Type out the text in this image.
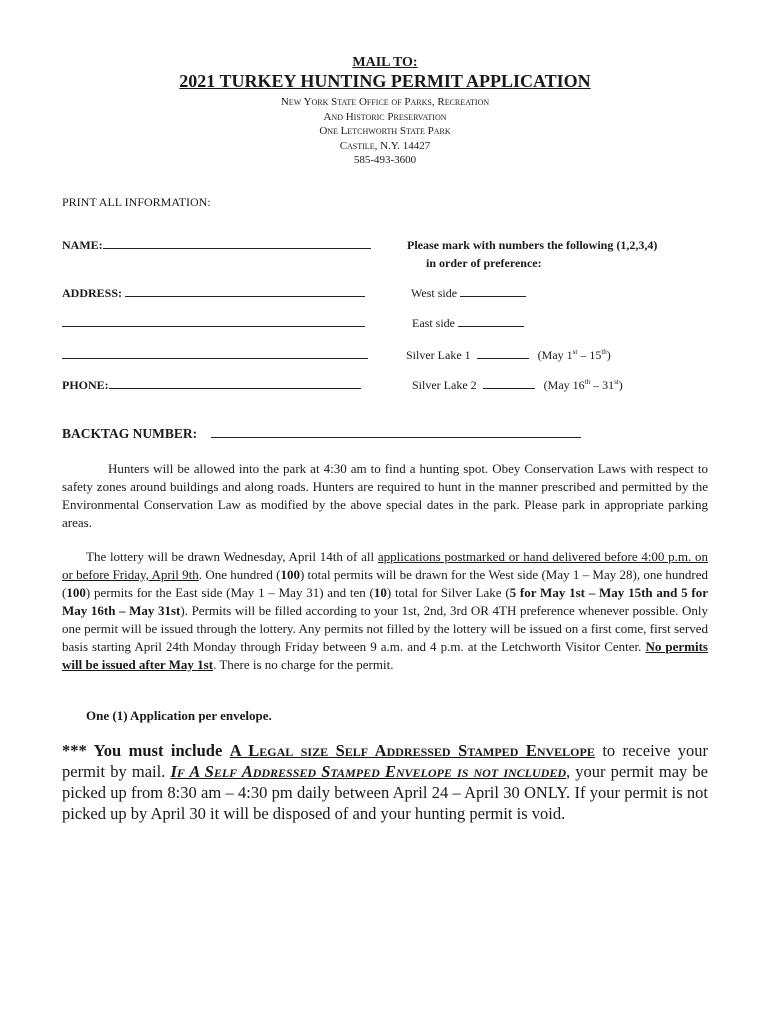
MAIL TO:
2021 TURKEY HUNTING PERMIT APPLICATION
New York State Office of Parks, Recreation
And Historic Preservation
One Letchworth State Park
Castile, N.Y. 14427
585-493-3600
PRINT ALL INFORMATION:
NAME:
ADDRESS:
PHONE:
Please mark with numbers the following (1,2,3,4)
in order of preference:
West side
East side
Silver Lake 1	(May 1st – 15th)
Silver Lake 2	(May 16th – 31st)
BACKTAG NUMBER:

Hunters will be allowed into the park at 4:30 am to find a hunting spot. Obey Conservation Laws with respect to safety zones around buildings and along roads. Hunters are required to hunt in the manner prescribed and permitted by the Environmental Conservation Law as modified by the above special dates in the park. Please park in appropriate parking areas.

The lottery will be drawn Wednesday, April 14th of all applications postmarked or hand delivered before 4:00 p.m. on or before Friday, April 9th. One hundred (100) total permits will be drawn for the West side (May 1 – May 28), one hundred (100) permits for the East side (May 1 – May 31) and ten (10) total for Silver Lake (5 for May 1st – May 15th and 5 for May 16th – May 31st). Permits will be filled according to your 1st, 2nd, 3rd OR 4TH preference whenever possible. Only one permit will be issued through the lottery. Any permits not filled by the lottery will be issued on a first come, first served basis starting April 24th Monday through Friday between 9 a.m. and 4 p.m. at the Letchworth Visitor Center. No permits will be issued after May 1st. There is no charge for the permit.

One (1) Application per envelope.
*** You must include A Legal size Self Addressed Stamped Envelope to receive your permit by mail. If A Self Addressed Stamped Envelope is not included, your permit may be picked up from 8:30 am – 4:30 pm daily between April 24 – April 30 ONLY. If your permit is not picked up by April 30 it will be disposed of and your hunting permit is void.
